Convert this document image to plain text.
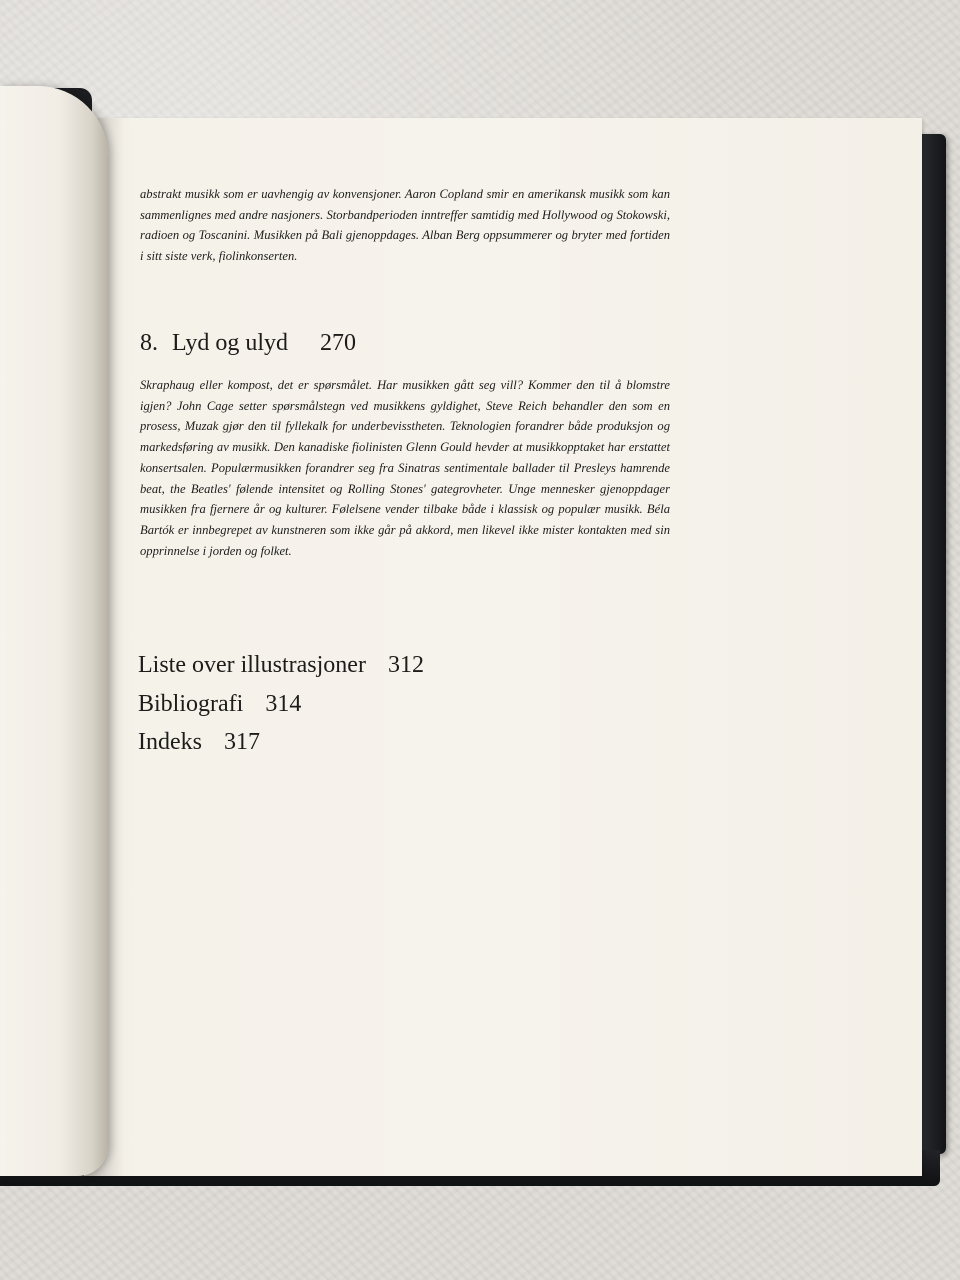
abstrakt musikk som er uavhengig av konvensjoner. Aaron Copland smir en amerikansk musikk som kan sammenlignes med andre nasjoners. Storbandperioden inntreffer samtidig med Hollywood og Stokowski, radioen og Toscanini. Musikken på Bali gjenoppdages. Alban Berg oppsummerer og bryter med fortiden i sitt siste verk, fiolinkonserten.

8. Lyd og ulyd 270

Skraphaug eller kompost, det er spørsmålet. Har musikken gått seg vill? Kommer den til å blomstre igjen? John Cage setter spørsmålstegn ved musikkens gyldighet, Steve Reich behandler den som en prosess, Muzak gjør den til fyllekalk for underbevisstheten. Teknologien forandrer både produksjon og markedsføring av musikk. Den kanadiske fiolinisten Glenn Gould hevder at musikkopptaket har erstattet konsertsalen. Populærmusikken forandrer seg fra Sinatras sentimentale ballader til Presleys hamrende beat, the Beatles' følende intensitet og Rolling Stones' gategrovheter. Unge mennesker gjenoppdager musikken fra fjernere år og kulturer. Følelsene vender tilbake både i klassisk og populær musikk. Béla Bartók er innbegrepet av kunstneren som ikke går på akkord, men likevel ikke mister kontakten med sin opprinnelse i jorden og folket.

Liste over illustrasjoner 312
Bibliografi 314
Indeks 317
